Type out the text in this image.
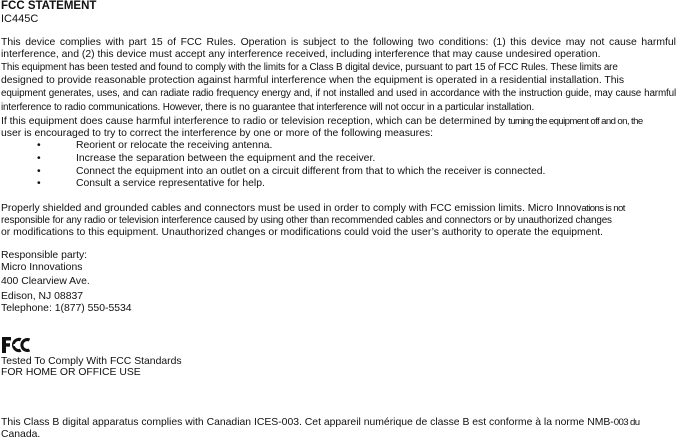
FCC STATEMENT

IC445C

This device complies with part 15 of FCC Rules. Operation is subject to the following two conditions: (1) this device may not cause harmful interference, and (2) this device must accept any interference received, including interference that may cause undesired operation.

This equipment has been tested and found to comply with the limits for a Class B digital device, pursuant to part 15 of FCC Rules. These limits are

designed to provide reasonable protection against harmful interference when the equipment is operated in a residential installation. This

equipment generates, uses, and can radiate radio frequency energy and, if not installed and used in accordance with the instruction guide, may cause harmful interference to radio communications. However, there is no guarantee that interference will not occur in a particular installation.

If this equipment does cause harmful interference to radio or television reception, which can be determined by turning the equipment off and on, the

user is encouraged to try to correct the interference by one or more of the following measures:

•	Reorient or relocate the receiving antenna.
•	Increase the separation between the equipment and the receiver.
•	Connect the equipment into an outlet on a circuit different from that to which the receiver is connected.
•	Consult a service representative for help.

Properly shielded and grounded cables and connectors must be used in order to comply with FCC emission limits. Micro Innovations is not

responsible for any radio or television interference caused by using other than recommended cables and connectors or by unauthorized changes

or modifications to this equipment. Unauthorized changes or modifications could void the user’s authority to operate the equipment.

Responsible party:
Micro Innovations
400 Clearview Ave.
Edison, NJ 08837
Telephone: 1(877) 550-5534

Tested To Comply With FCC Standards
FOR HOME OR OFFICE USE

This Class B digital apparatus complies with Canadian ICES-003. Cet appareil numérique de classe B est conforme à la norme NMB-003 du
Canada.
